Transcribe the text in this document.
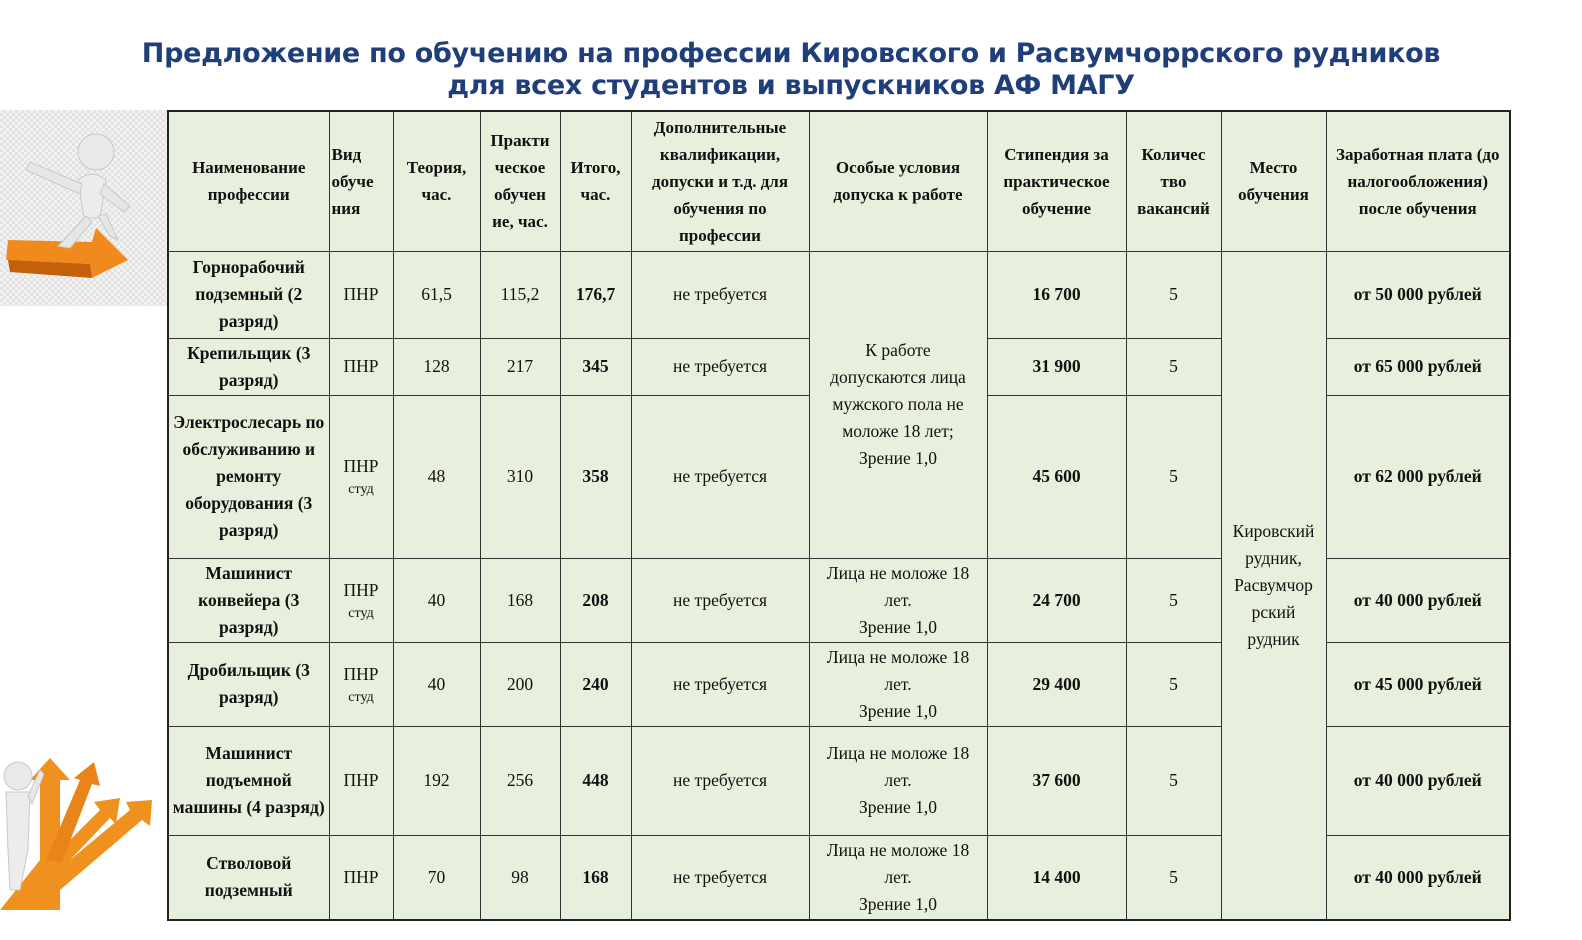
Предложение по обучению на профессии Кировского и Расвумчоррского рудников
для всех студентов и выпускников АФ МАГУ
Наименование профессии	Вид
обуче
ния	Теория, час.	Практи
ческое
обучен
ие, час.	Итого, час.	Дополнительные квалификации, допуски и т.д. для обучения по профессии	Особые условия допуска к работе	Стипендия за практическое обучение	Количес
тво
вакансий	Место обучения	Заработная плата (до налогообложения) после обучения
Горнорабочий подземный (2 разряд)	ПНР	61,5	115,2	176,7	не требуется	К работе допускаются лица мужского пола не моложе 18 лет; Зрение 1,0	16 700	5	Кировский
рудник,
Расвумчор
рский
рудник	от 50 000 рублей
Крепильщик (3 разряд)	ПНР	128	217	345	не требуется		31 900	5		от 65 000 рублей
Электрослесарь по обслуживанию и ремонту оборудования (3 разряд)	ПНР
студ	48	310	358	не требуется		45 600	5		от 62 000 рублей
Машинист конвейера (3 разряд)	ПНР
студ	40	168	208	не требуется	Лица не моложе 18
лет.
Зрение 1,0	24 700	5		от 40 000 рублей
Дробильщик (3 разряд)	ПНР
студ	40	200	240	не требуется	Лица не моложе 18
лет.
Зрение 1,0	29 400	5		от 45 000 рублей
Машинист подъемной машины (4 разряд)	ПНР	192	256	448	не требуется	Лица не моложе 18
лет.
Зрение 1,0	37 600	5		от 40 000 рублей
Стволовой подземный	ПНР	70	98	168	не требуется	Лица не моложе 18
лет.
Зрение 1,0	14 400	5		от 40 000 рублей
